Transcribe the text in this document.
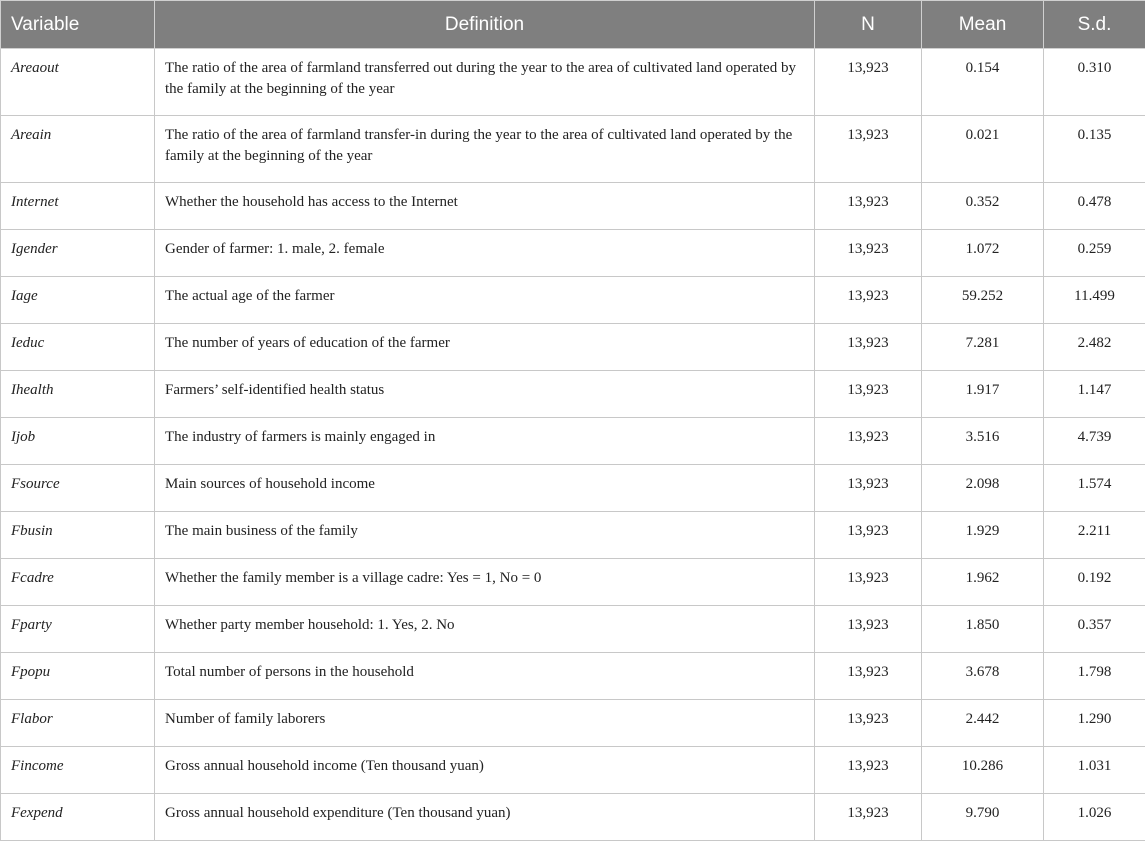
Variable	Definition	N	Mean	S.d.
Areaout	The ratio of the area of farmland transferred out during the year to the area of cultivated land operated by the family at the beginning of the year	13,923	0.154	0.310
Areain	The ratio of the area of farmland transfer-in during the year to the area of cultivated land operated by the family at the beginning of the year	13,923	0.021	0.135
Internet	Whether the household has access to the Internet	13,923	0.352	0.478
Igender	Gender of farmer: 1. male, 2. female	13,923	1.072	0.259
Iage	The actual age of the farmer	13,923	59.252	11.499
Ieduc	The number of years of education of the farmer	13,923	7.281	2.482
Ihealth	Farmers’ self-identified health status	13,923	1.917	1.147
Ijob	The industry of farmers is mainly engaged in	13,923	3.516	4.739
Fsource	Main sources of household income	13,923	2.098	1.574
Fbusin	The main business of the family	13,923	1.929	2.211
Fcadre	Whether the family member is a village cadre: Yes = 1, No = 0	13,923	1.962	0.192
Fparty	Whether party member household: 1. Yes, 2. No	13,923	1.850	0.357
Fpopu	Total number of persons in the household	13,923	3.678	1.798
Flabor	Number of family laborers	13,923	2.442	1.290
Fincome	Gross annual household income (Ten thousand yuan)	13,923	10.286	1.031
Fexpend	Gross annual household expenditure (Ten thousand yuan)	13,923	9.790	1.026
